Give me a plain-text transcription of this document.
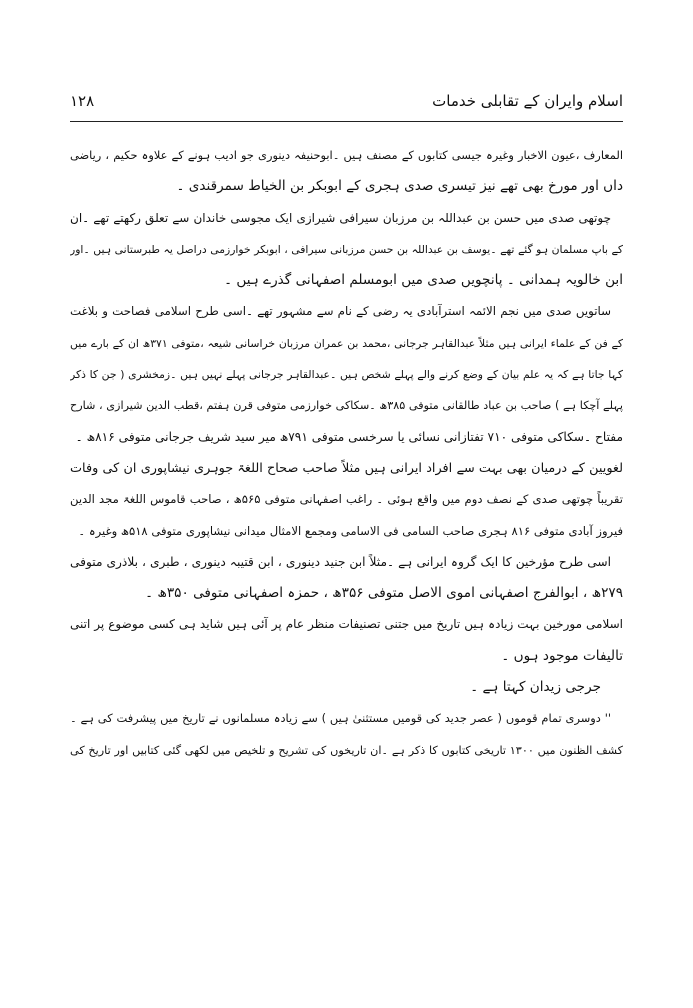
اسلام وایران کے تقابلی خدمات
۱۲۸
المعارف ،عیون الاخبار وغیرہ جیسی کتابوں کے مصنف ہیں ۔ابوحنیفہ دینوری جو ادیب ہونے کے علاوہ حکیم ، ریاضی
داں اور مورخ بھی تھے نیز تیسری صدی ہجری کے ابوبکر بن الخیاط سمرقندی ۔
چوتھی صدی میں حسن بن عبداللہ بن مرزبان سیرافی شیرازی ایک مجوسی خاندان سے تعلق رکھتے تھے ۔ان
کے باپ مسلمان ہو گئے تھے ۔یوسف بن عبداللہ بن حسن مرزبانی سیرافی ، ابوبکر خوارزمی دراصل یہ طبرستانی ہیں ۔اور
ابن خالویہ ہمدانی ۔ پانچویں صدی میں ابومسلم اصفہانی گذرے ہیں ۔
ساتویں صدی میں نجم الائمہ استرآبادی یہ رضی کے نام سے مشہور تھے ۔اسی طرح اسلامی فصاحت و بلاغت
کے فن کے علماء ایرانی ہیں مثلاً عبدالقاہر جرجانی ،محمد بن عمران مرزبان خراسانی شیعہ ،متوفی ۳۷۱ھ ان کے بارے میں
کہا جاتا ہے کہ یہ علم بیان کے وضع کرنے والے پہلے شخص ہیں ۔عبدالقاہر جرجانی پہلے نہیں ہیں ۔زمخشری ( جن کا ذکر
پہلے آچکا ہے ) صاحب بن عباد طالقانی متوفی ۳۸۵ھ ۔سکاکی خوارزمی متوفی قرن ہفتم ،قطب الدین شیرازی ، شارح
مفتاح ۔سکاکی متوفی ۷۱۰ تفتازانی نسائی یا سرخسی متوفی ۷۹۱ھ میر سید شریف جرجانی متوفی ۸۱۶ھ ۔
لغویین کے درمیان بھی بہت سے افراد ایرانی ہیں مثلاً صاحب صحاح اللغۃ جوہری نیشاپوری ان کی وفات
تقریباً چوتھی صدی کے نصف دوم میں واقع ہوئی ۔ راغب اصفہانی متوفی ۵۶۵ھ ، صاحب قاموس اللغۃ مجد الدین
فیروز آبادی متوفی ۸۱۶ ہجری صاحب السامی فی الاسامی ومجمع الامثال میدانی نیشاپوری متوفی ۵۱۸ھ وغیرہ ۔
اسی طرح مؤرخین کا ایک گروہ ایرانی ہے ۔مثلاً ابن جنید دینوری ، ابن قتیبہ دینوری ، طبری ، بلاذری متوفی
۲۷۹ھ ، ابوالفرج اصفہانی اموی الاصل متوفی ۳۵۶ھ ، حمزہ اصفہانی متوفی ۳۵۰ھ ۔
اسلامی مورخین بہت زیادہ ہیں تاریخ میں جتنی تصنیفات منظر عام پر آئی ہیں شاید ہی کسی موضوع پر اتنی
تالیفات موجود ہوں ۔
جرجی زیدان کہتا ہے ۔
'' دوسری تمام قوموں ( عصر جدید کی قومیں مستثنیٰ ہیں ) سے زیادہ مسلمانوں نے تاریخ میں پیشرفت کی ہے ۔
کشف الظنون میں ۱۳۰۰ تاریخی کتابوں کا ذکر ہے ۔ان تاریخوں کی تشریح و تلخیص میں لکھی گئی کتابیں اور تاریخ کی
